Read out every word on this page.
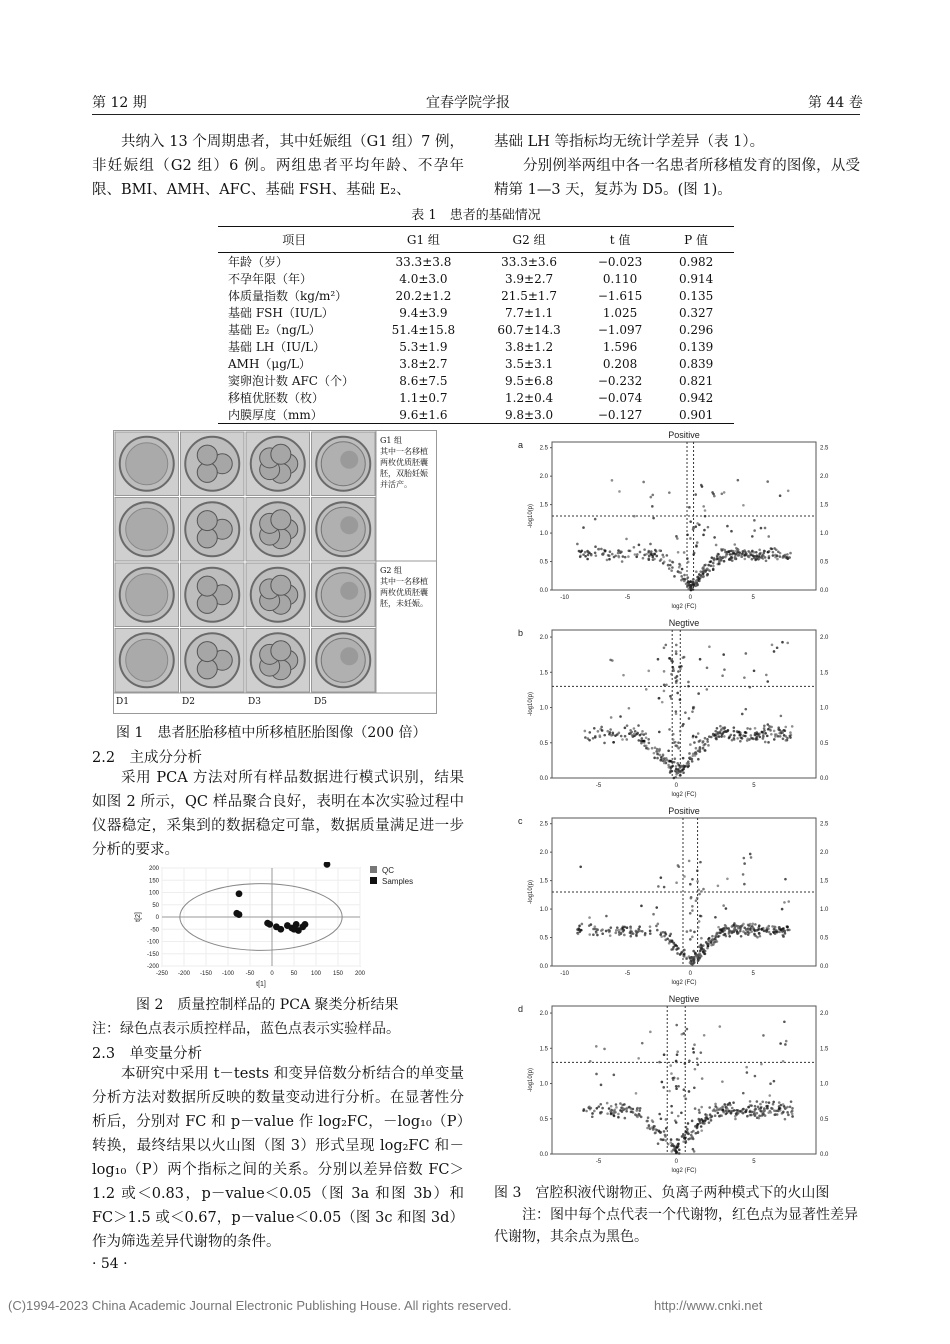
第 12 期	宜春学院学报	第 44 卷

共纳入 13 个周期患者，其中妊娠组（G1 组）7 例，非妊娠组（G2 组）6 例。两组患者平均年龄、不孕年限、BMI、AMH、AFC、基础 FSH、基础 E₂、

基础 LH 等指标均无统计学差异（表 1）。

分别例举两组中各一名患者所移植发育的图像，从受精第 1—3 天，复苏为 D5。(图 1)。

表 1　患者的基础情况
项目	G1 组	G2 组	t 值	P 值
年龄（岁）	33.3±3.8	33.3±3.6	−0.023	0.982
不孕年限（年）	4.0±3.0	3.9±2.7	0.110	0.914
体质量指数（kg/m²）	20.2±1.2	21.5±1.7	−1.615	0.135
基础 FSH（IU/L）	9.4±3.9	7.7±1.1	1.025	0.327
基础 E₂（ng/L）	51.4±15.8	60.7±14.3	−1.097	0.296
基础 LH（IU/L）	5.3±1.9	3.8±1.2	1.596	0.139
AMH（μg/L）	3.8±2.7	3.5±3.1	0.208	0.839
窦卵泡计数 AFC（个）	8.6±7.5	9.5±6.8	−0.232	0.821
移植优胚数（枚）	1.1±0.7	1.2±0.4	−0.074	0.942
内膜厚度（mm）	9.6±1.6	9.8±3.0	−0.127	0.901
G1 组
其中一名移植两枚优质胚囊胚，双胎妊娠并活产。
G2 组
其中一名移植两枚优质胚囊胚，未妊娠。
D1	D2	D3	D5
图 1　患者胚胎移植中所移植胚胎图像（200 倍）
2.2　主成分分析

采用 PCA 方法对所有样品数据进行模式识别，结果如图 2 所示，QC 样品聚合良好，表明在本次实验过程中仪器稳定，采集到的数据稳定可靠，数据质量满足进一步分析的要求。

-250 -200 -150 -100 -50	0	50 100 150 200
200
150
100
50
0
-50
-100
-150
-200
t[1]
t[2]
QC
Samples
图 2　质量控制样品的 PCA 聚类分析结果
注：绿色点表示质控样品，蓝色点表示实验样品。
2.3　单变量分析

本研究中采用 t－tests 和变异倍数分析结合的单变量分析方法对数据所反映的数量变动进行分析。在显著性分析后，分别对 FC 和 p－value 作 log₂FC，－log₁₀（P）转换，最终结果以火山图（图 3）形式呈现 log₂FC 和－log₁₀（P）两个指标之间的关系。分别以差异倍数 FC＞1.2 或＜0.83，p－value＜0.05（图 3a 和图 3b）和 FC＞1.5 或＜0.67，p－value＜0.05（图 3c 和图 3d）作为筛选差异代谢物的条件。

a
Positive
2.5	2.5
2.0	2.0
1.5	1.5
1.0	1.0
0.5	0.5
0.0	0.0
-10	-5	0	5
log2 (FC)
-log10(p)
b
Negtive
2.0	2.0
1.5	1.5
1.0	1.0
0.5	0.5
0.0	0.0
-5	0	5
log2 (FC)
-log10(p)
c
Positive
2.5	2.5
2.0	2.0
1.5	1.5
1.0	1.0
0.5	0.5
0.0	0.0
-10	-5	0	5
log2 (FC)
-log10(p)
d
Negtive
2.0	2.0
1.5	1.5
1.0	1.0
0.5	0.5
0.0	0.0
-5	0	5
log2 (FC)
-log10(p)
图 3　宫腔积液代谢物正、负离子两种模式下的火山图
注：图中每个点代表一个代谢物，红色点为显著性差异代谢物，其余点为黑色。
· 54 ·
(C)1994-2023 China Academic Journal Electronic Publishing House. All rights reserved.	http://www.cnki.net
